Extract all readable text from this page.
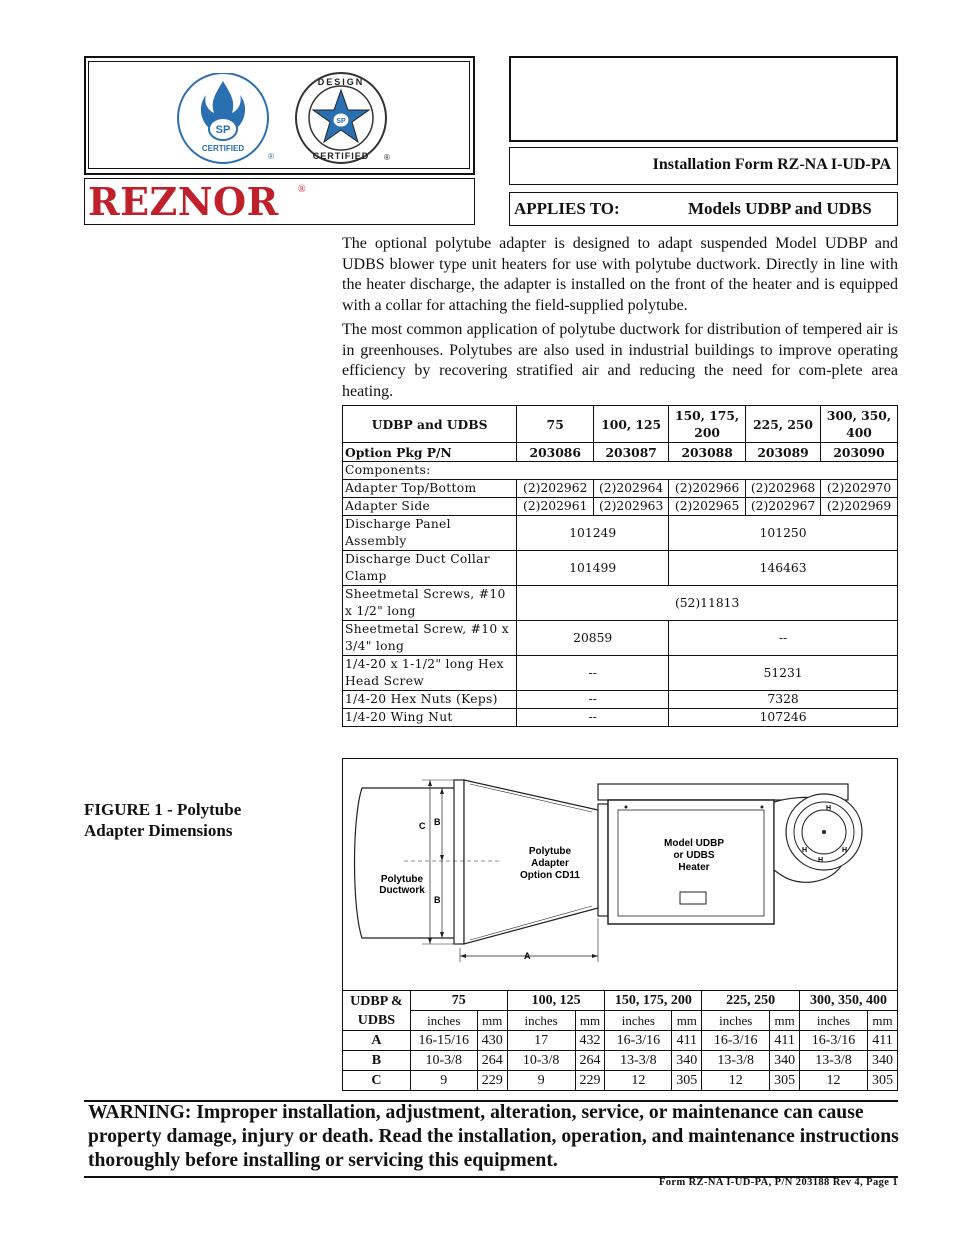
SP
CERTIFIED
®
SP
DESIGN
CERTIFIED ®
REZNOR ®
Installation Form RZ-NA I-UD-PA
APPLIES TO:	Models UDBP and UDBS
The optional polytube adapter is designed to adapt suspended Model UDBP and UDBS blower type unit heaters for use with polytube ductwork. Directly in line with the heater discharge, the adapter is installed on the front of the heater and is equipped with a collar for attaching the field-supplied polytube.
The most common application of polytube ductwork for distribution of tempered air is in greenhouses. Polytubes are also used in industrial buildings to improve operating efficiency by recovering stratified air and reducing the need for com-plete area heating.
UDBP and UDBS	75	100, 125	150, 175, 200	225, 250	300, 350, 400
Option Pkg P/N	203086	203087	203088	203089	203090
Components:					
Adapter Top/Bottom	(2)202962	(2)202964	(2)202966	(2)202968	(2)202970
Adapter Side	(2)202961	(2)202963	(2)202965	(2)202967	(2)202969
Discharge Panel Assembly	101249		101250		
Discharge Duct Collar Clamp	101499		146463		
Sheetmetal Screws, #10 x 1/2" long	(52)11813				
Sheetmetal Screw, #10 x 3/4" long	20859		--		
1/4-20 x 1-1/2" long Hex Head Screw	--		51231		
1/4-20 Hex Nuts (Keps)	--		7328		
1/4-20 Wing Nut	--		107246		
FIGURE 1 - Polytube Adapter Dimensions
H
H
H	H
C B
B
A
Polytube
Ductwork
Polytube
Adapter
Option CD11
Model UDBP
or UDBS
Heater
UDBP & UDBS	75		100, 125		150, 175, 200		225, 250		300, 350, 400	
	inches	mm	inches	mm	inches	mm	inches	mm	inches	mm
A	16-15/16	430	17	432	16-3/16	411	16-3/16	411	16-3/16	411
B	10-3/8	264	10-3/8	264	13-3/8	340	13-3/8	340	13-3/8	340
C	9	229	9	229	12	305	12	305	12	305
WARNING: Improper installation, adjustment, alteration, service, or maintenance can cause property damage, injury or death. Read the installation, operation, and maintenance instructions thoroughly before installing or servicing this equipment.
Form RZ-NA I-UD-PA, P/N 203188 Rev 4, Page 1
